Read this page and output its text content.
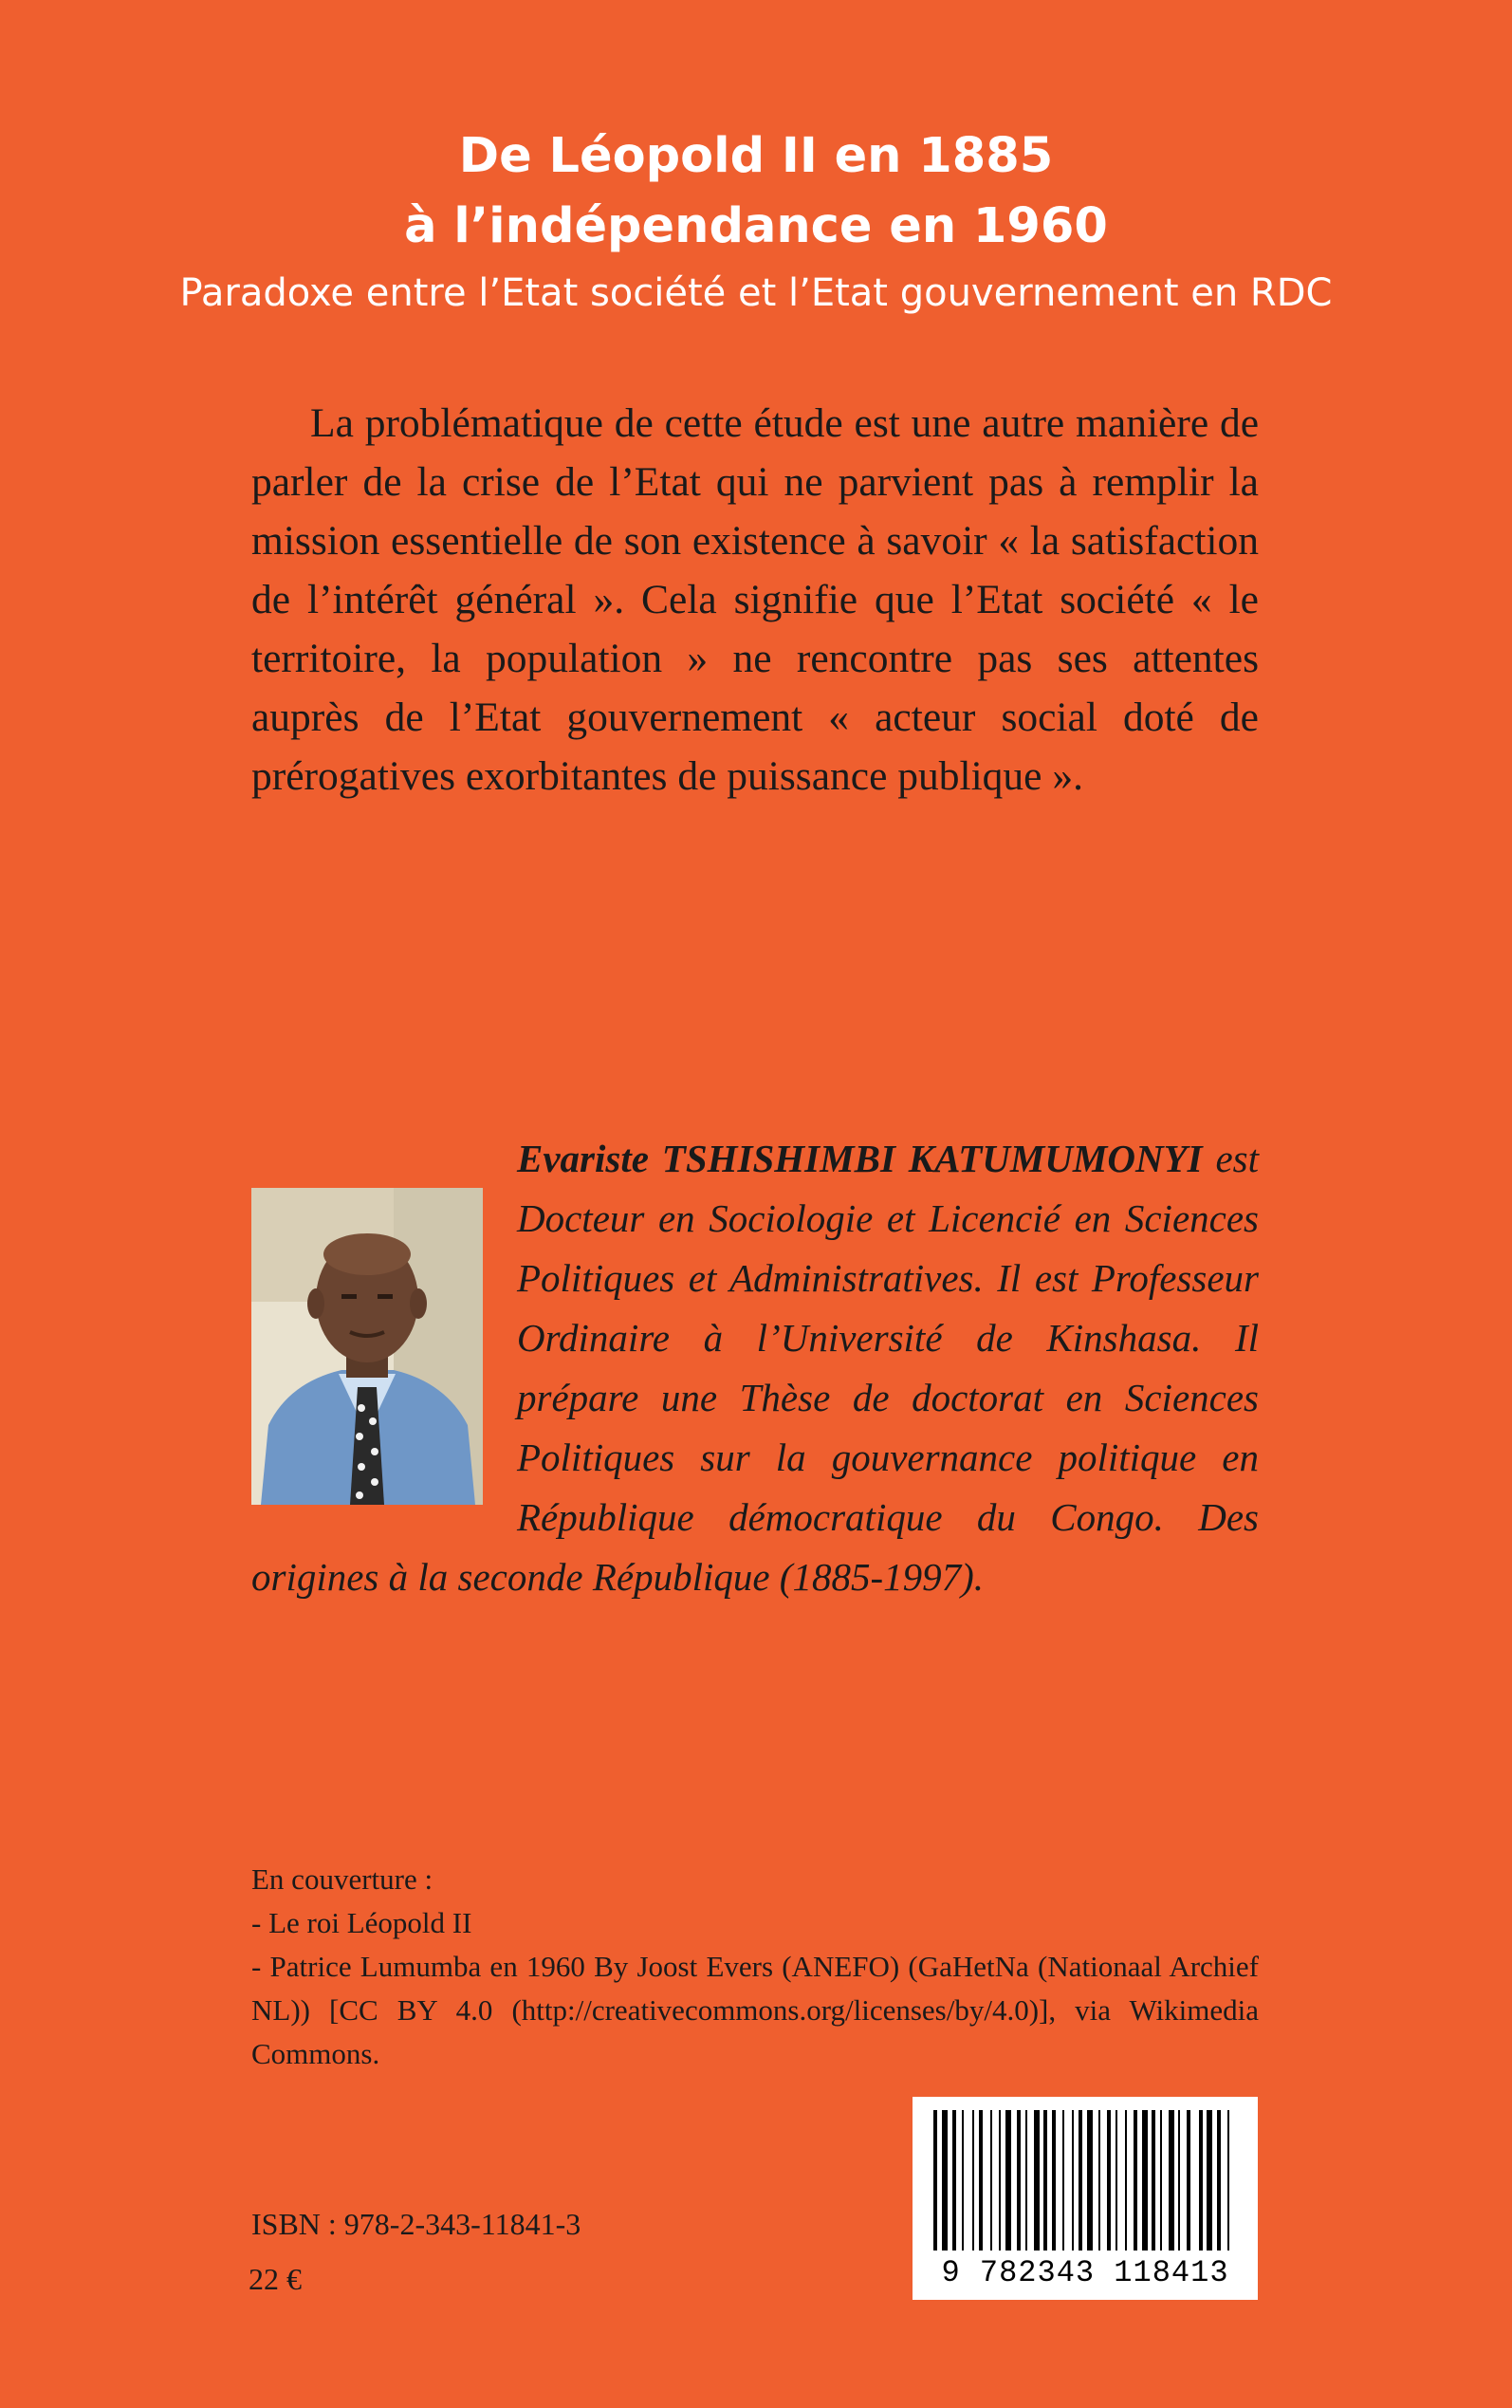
De Léopold II en 1885
à l’indépendance en 1960
Paradoxe entre l’Etat société et l’Etat gouvernement en RDC

La problématique de cette étude est une autre manière de parler de la crise de l’Etat qui ne parvient pas à remplir la mission essentielle de son existence à savoir « la satisfaction de l’intérêt général ». Cela signifie que l’Etat société « le territoire, la population » ne rencontre pas ses attentes auprès de l’Etat gouvernement « acteur social doté de prérogatives exorbitantes de puissance publique ».

Evariste TSHISHIMBI KATUMUMONYI est Docteur en Sociologie et Licencié en Sciences Politiques et Administratives. Il est Professeur Ordinaire à l’Université de Kinshasa. Il prépare une Thèse de doctorat en Sciences Politiques sur la gouvernance politique en République démocratique du Congo. Des origines à la seconde République (1885-1997).
En couverture :
- Le roi Léopold II
- Patrice Lumumba en 1960 By Joost Evers (ANEFO) (GaHetNa (Nationaal Archief NL)) [CC BY 4.0 (http://creativecommons.org/licenses/by/4.0)], via Wikimedia Commons.
9 782343 118413
ISBN : 978-2-343-11841-3
22 €
